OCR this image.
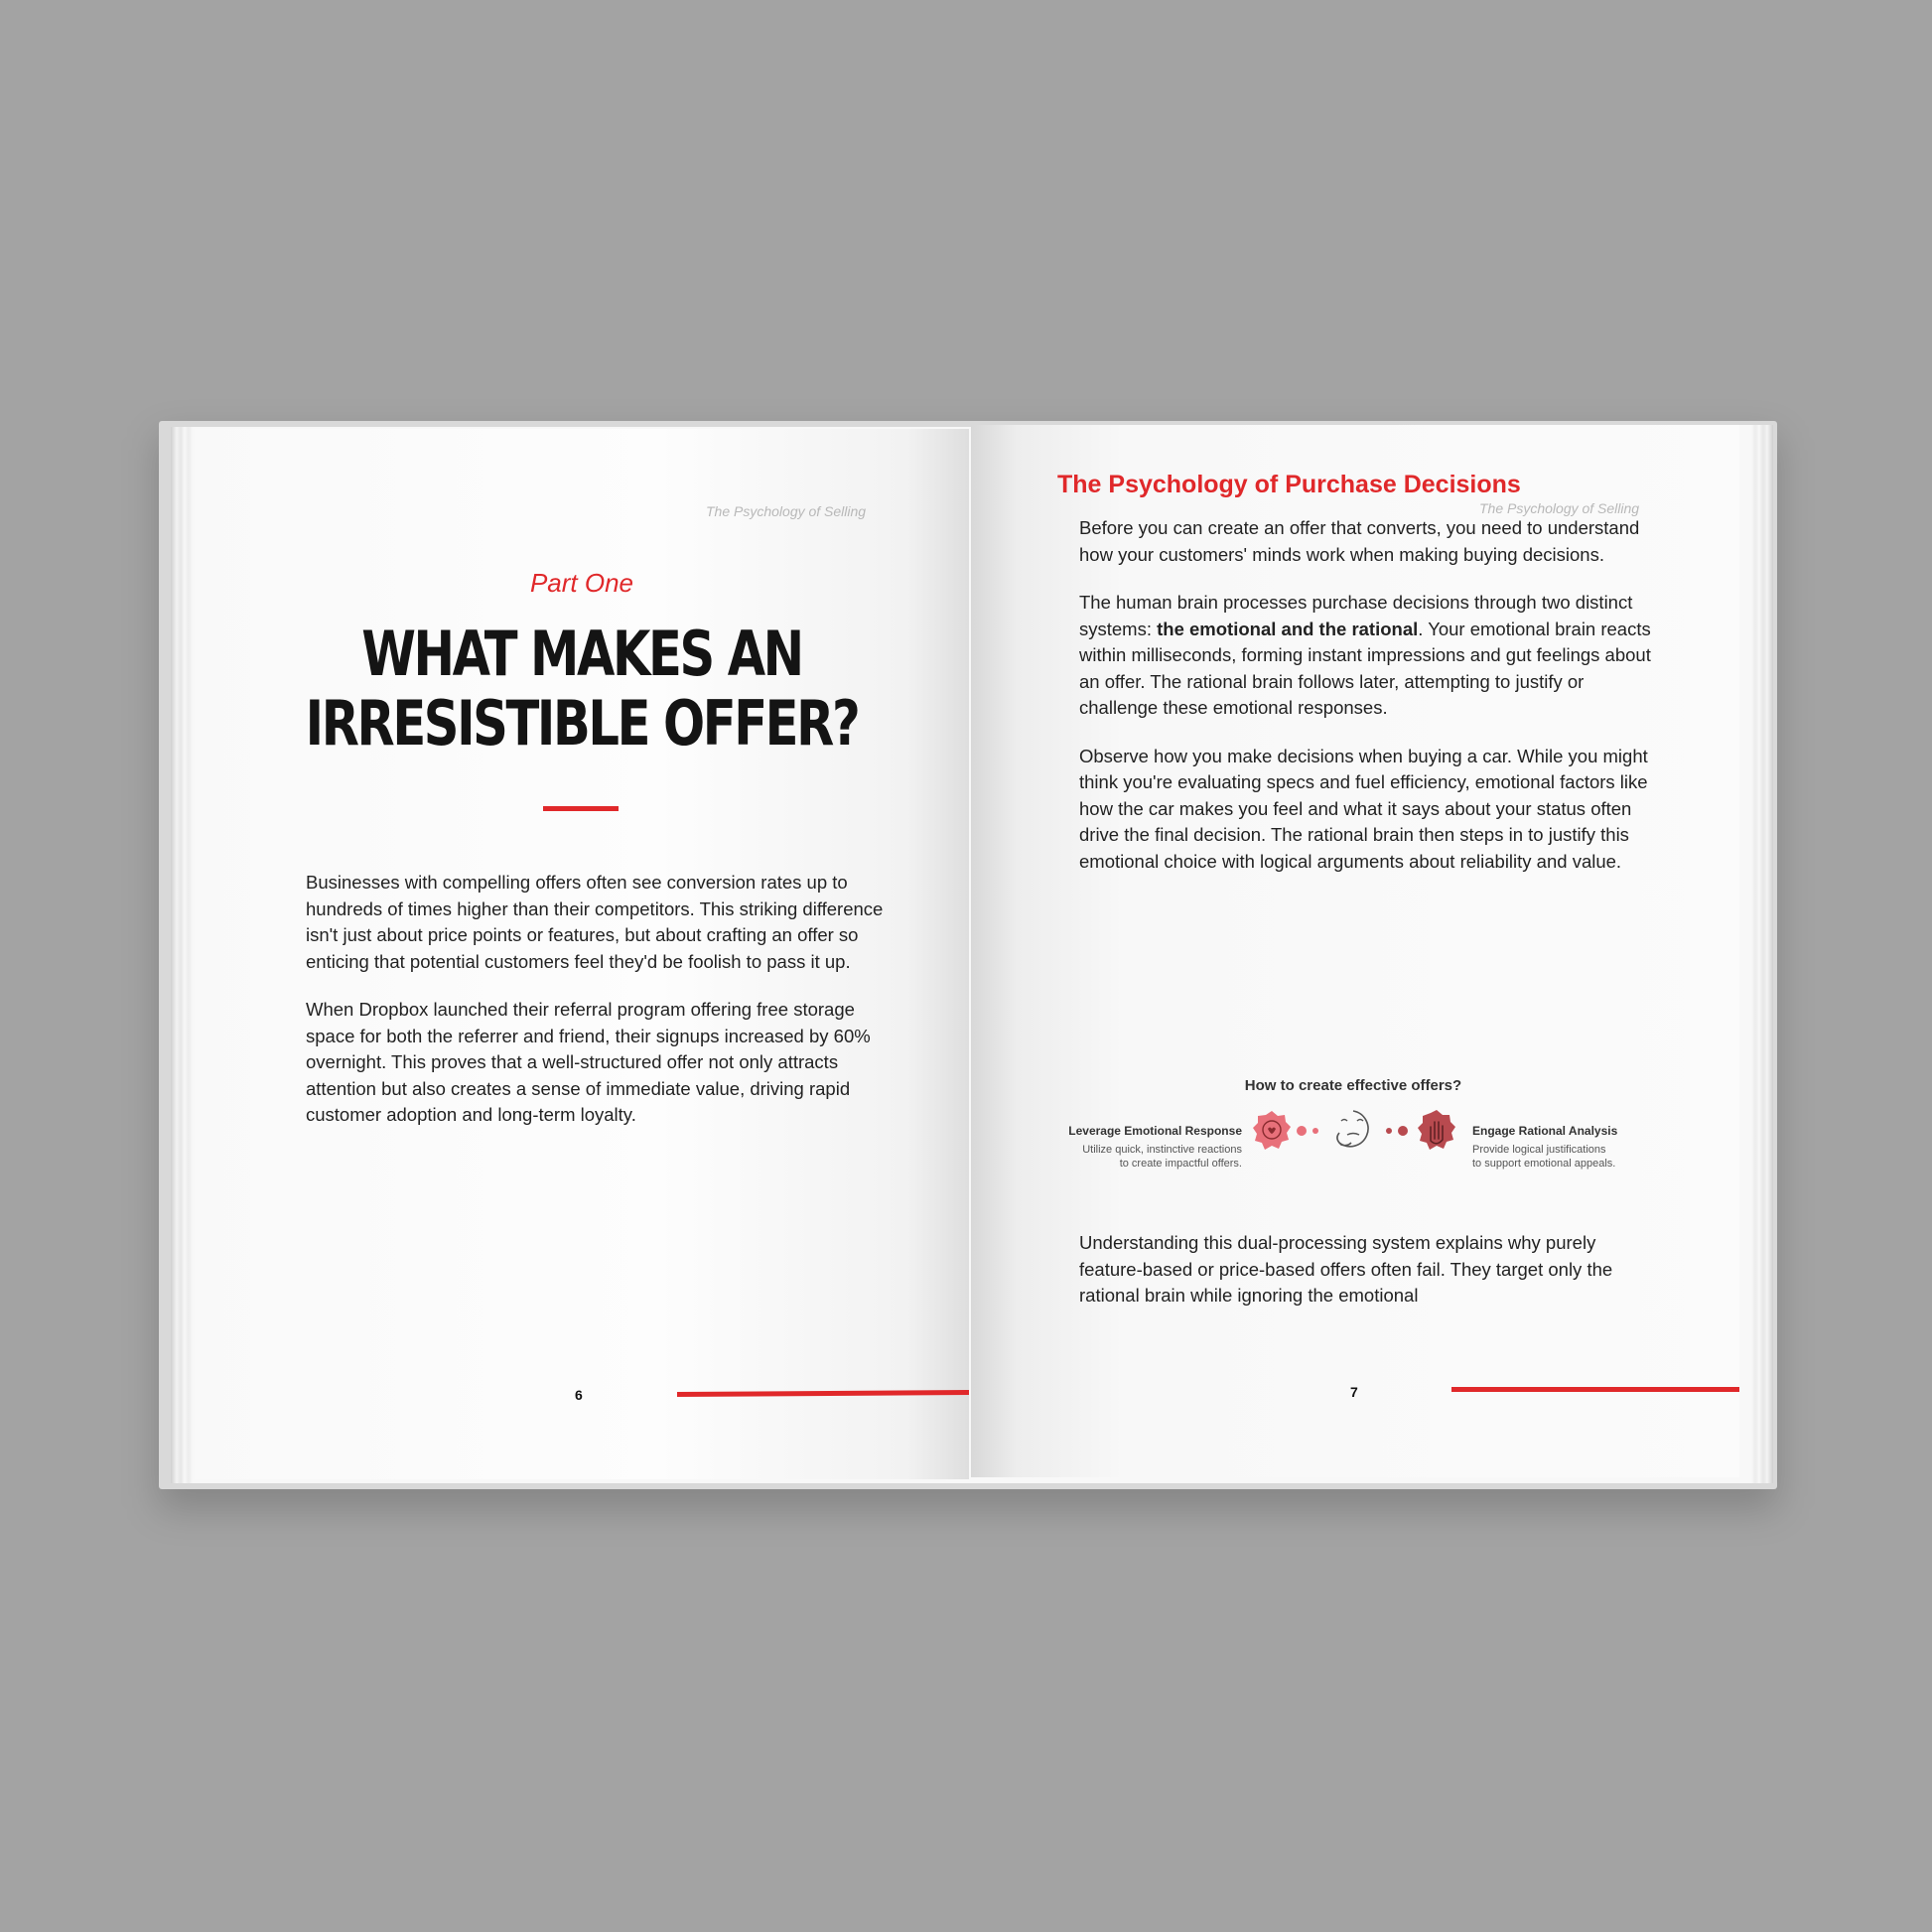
The Psychology of Selling
Part One
WHAT MAKES AN
IRRESISTIBLE OFFER?

Businesses with compelling offers often see conversion rates up to hundreds of times higher than their competitors. This striking difference isn't just about price points or features, but about crafting an offer so enticing that potential customers feel they'd be foolish to pass it up.

When Dropbox launched their referral program offering free storage space for both the referrer and friend, their signups increased by 60% overnight. This proves that a well-structured offer not only attracts attention but also creates a sense of immediate value, driving rapid customer adoption and long-term loyalty.

6
The Psychology of Selling
The Psychology of Purchase Decisions

Before you can create an offer that converts, you need to understand how your customers' minds work when making buying decisions.

The human brain processes purchase decisions through two distinct systems: the emotional and the rational. Your emotional brain reacts within milliseconds, forming instant impressions and gut feelings about an offer. The rational brain follows later, attempting to justify or challenge these emotional responses.

Observe how you make decisions when buying a car. While you might think you're evaluating specs and fuel efficiency, emotional factors like how the car makes you feel and what it says about your status often drive the final decision. The rational brain then steps in to justify this emotional choice with logical arguments about reliability and value.

How to create effective offers?
Leverage Emotional Response
Utilize quick, instinctive reactions
to create impactful offers.
Engage Rational Analysis
Provide logical justifications
to support emotional appeals.

Understanding this dual-processing system explains why purely feature-based or price-based offers often fail. They target only the rational brain while ignoring the emotional

7
